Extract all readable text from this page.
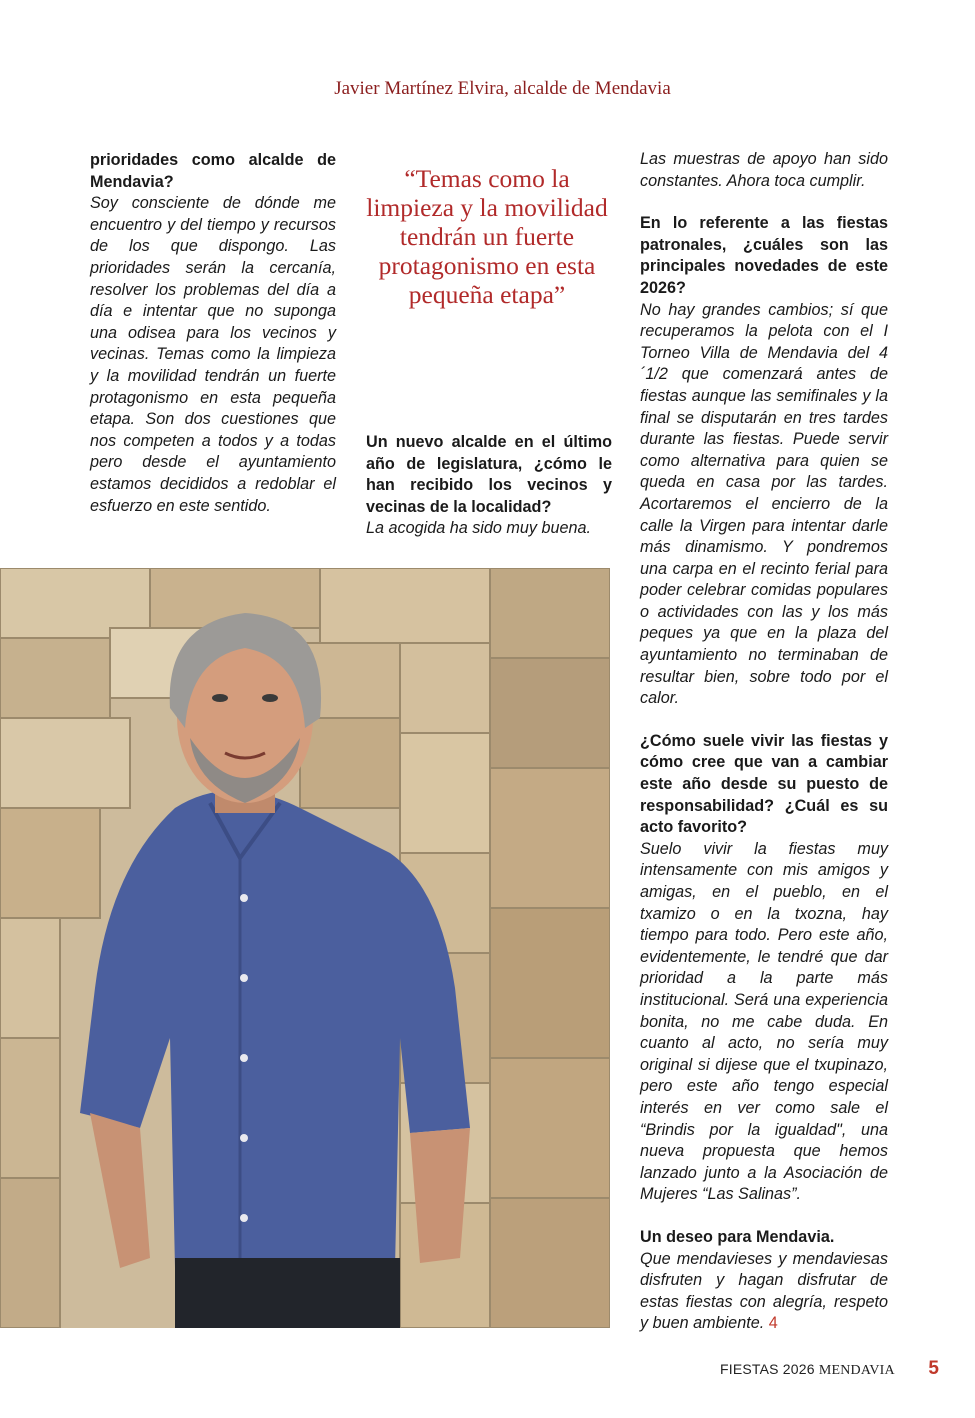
Javier Martínez Elvira, alcalde de Mendavia
prioridades como alcalde de Mendavia?
Soy consciente de dónde me encuentro y del tiempo y recursos de los que dispongo. Las prioridades serán la cercanía, resolver los problemas del día a día e intentar que no suponga una odisea para los vecinos y vecinas. Temas como la limpieza y la movilidad tendrán un fuerte protagonismo en esta pequeña etapa. Son dos cuestiones que nos competen a todos y a todas pero desde el ayuntamiento estamos decididos a redoblar el esfuerzo en este sentido.
“Temas como la limpieza y la movilidad tendrán un fuerte protagonismo en esta pequeña etapa”
Un nuevo alcalde en el último año de legislatura, ¿cómo le han recibido los vecinos y vecinas de la localidad?
La acogida ha sido muy buena.
Las muestras de apoyo han sido constantes. Ahora toca cumplir.
En lo referente a las fiestas patronales, ¿cuáles son las principales novedades de este 2026?
No hay grandes cambios; sí que recuperamos la pelota con el I Torneo Villa de Mendavia del 4´1/2 que comenzará antes de fiestas aunque las semifinales y la final se disputarán en tres tardes durante las fiestas. Puede servir como alternativa para quien se queda en casa por las tardes. Acortaremos el encierro de la calle la Virgen para intentar darle más dinamismo. Y pondremos una carpa en el recinto ferial para poder celebrar comidas populares o actividades con las y los más peques ya que en la plaza del ayuntamiento no terminaban de resultar bien, sobre todo por el calor.
¿Cómo suele vivir las fiestas y cómo cree que van a cambiar este año desde su puesto de responsabilidad? ¿Cuál es su acto favorito?
Suelo vivir la fiestas muy intensamente con mis amigos y amigas, en el pueblo, en el txamizo o en la txozna, hay tiempo para todo. Pero este año, evidentemente, le tendré que dar prioridad a la parte más institucional. Será una experiencia bonita, no me cabe duda. En cuanto al acto, no sería muy original si dijese que el txupinazo, pero este año tengo especial interés en ver como sale el “Brindis por la igualdad", una nueva propuesta que hemos lanzado junto a la Asociación de Mujeres “Las Salinas”.
Un deseo para Mendavia.
Que mendavieses y mendaviesas disfruten y hagan disfrutar de estas fiestas con alegría, respeto y buen ambiente. 4
FIESTAS 2026 MENDAVIA 5
